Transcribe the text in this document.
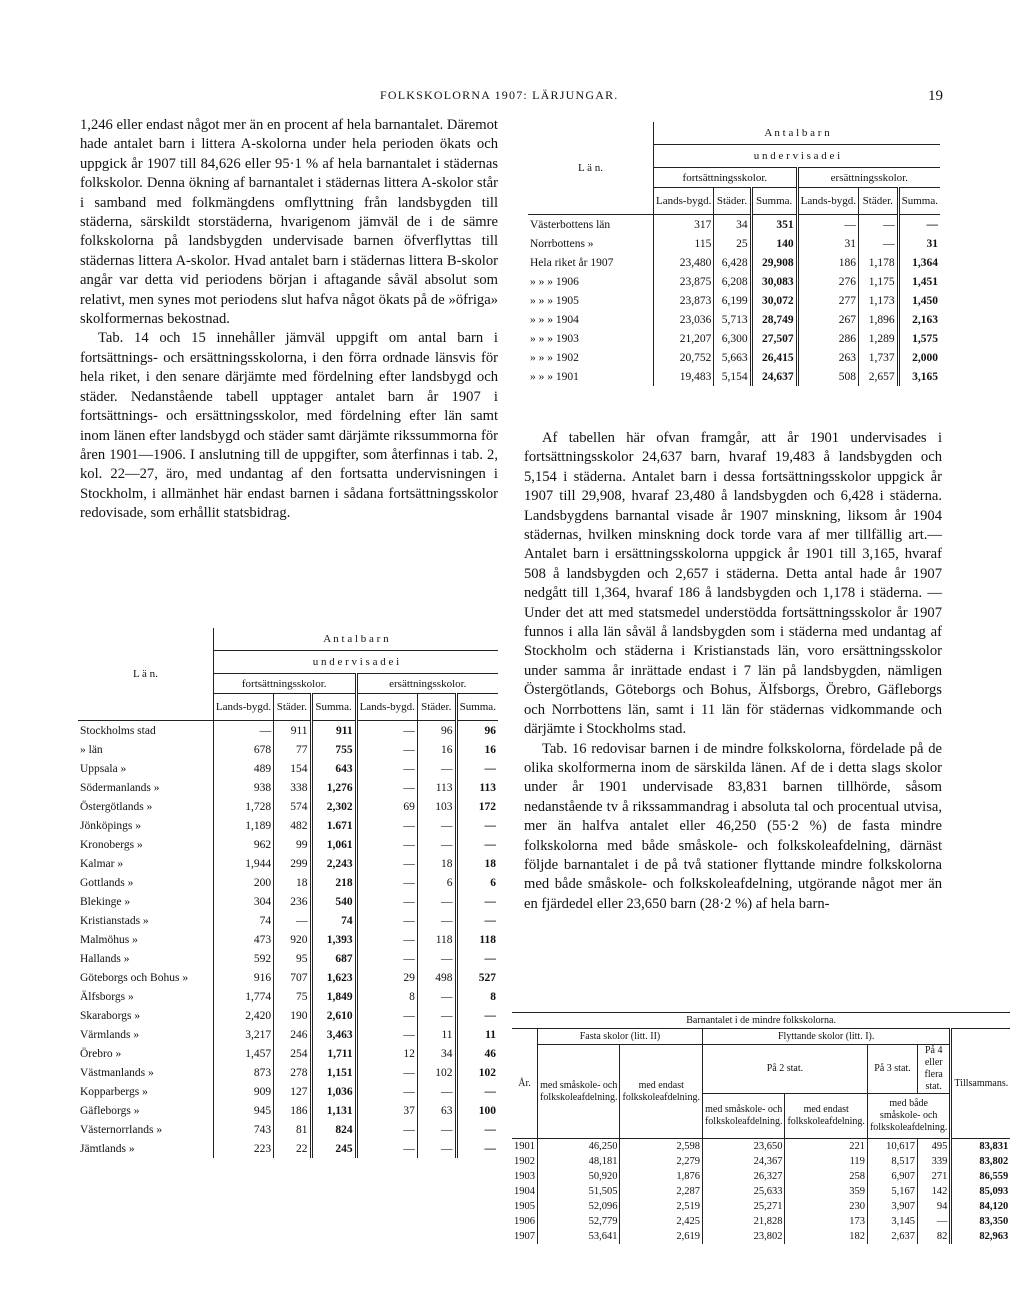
FOLKSKOLORNA 1907: LÄRJUNGAR.	19

1,246 eller endast något mer än en procent af hela barnantalet. Däremot hade antalet barn i littera A-skolorna under hela perioden ökats och uppgick år 1907 till 84,626 eller 95·1 % af hela barnantalet i städernas folkskolor. Denna ökning af barnantalet i städernas littera A-skolor står i samband med folkmängdens omflyttning från landsbygden till städerna, särskildt storstäderna, hvarigenom jämväl de i de sämre folkskolorna på landsbygden undervisade barnen öfverflyttas till städernas littera A-skolor. Hvad antalet barn i städernas littera B-skolor angår var detta vid periodens början i aftagande såväl absolut som relativt, men synes mot periodens slut hafva något ökats på de »öfriga» skolformernas bekostnad.

Tab. 14 och 15 innehåller jämväl uppgift om antal barn i fortsättnings- och ersättningsskolorna, i den förra ordnade länsvis för hela riket, i den senare därjämte med fördelning efter landsbygd och städer. Nedanstående tabell upptager antalet barn år 1907 i fortsättnings- och ersättningsskolor, med fördelning efter län samt inom länen efter landsbygd och städer samt därjämte rikssummorna för åren 1901—1906. I anslutning till de uppgifter, som återfinnas i tab. 2, kol. 22—27, äro, med undantag af den fortsatta undervisningen i Stockholm, i allmänhet här endast barnen i sådana fortsättningsskolor redovisade, som erhållit statsbidrag.

L ä n.	A n t a l b a r n					
	u n d e r v i s a d e i					
	fortsättningsskolor.			ersättningsskolor.		
	Lands-bygd.	Städer.	Summa.	Lands-bygd.	Städer.	Summa.
Stockholms stad	—	911	911	—	96	96
» län	678	77	755	—	16	16
Uppsala »	489	154	643	—	—	—
Södermanlands »	938	338	1,276	—	113	113
Östergötlands »	1,728	574	2,302	69	103	172
Jönköpings »	1,189	482	1.671	—	—	—
Kronobergs »	962	99	1,061	—	—	—
Kalmar »	1,944	299	2,243	—	18	18
Gottlands »	200	18	218	—	6	6
Blekinge »	304	236	540	—	—	—
Kristianstads »	74	—	74	—	—	—
Malmöhus »	473	920	1,393	—	118	118
Hallands »	592	95	687	—	—	—
Göteborgs och Bohus »	916	707	1,623	29	498	527
Älfsborgs »	1,774	75	1,849	8	—	8
Skaraborgs »	2,420	190	2,610	—	—	—
Värmlands »	3,217	246	3,463	—	11	11
Örebro »	1,457	254	1,711	12	34	46
Västmanlands »	873	278	1,151	—	102	102
Kopparbergs »	909	127	1,036	—	—	—
Gäfleborgs »	945	186	1,131	37	63	100
Västernorrlands »	743	81	824	—	—	—
Jämtlands »	223	22	245	—	—	—
L ä n.	A n t a l b a r n					
	u n d e r v i s a d e i					
	fortsättningsskolor.			ersättningsskolor.		
	Lands-bygd.	Städer.	Summa.	Lands-bygd.	Städer.	Summa.
Västerbottens län	317	34	351	—	—	—
Norrbottens »	115	25	140	31	—	31
Hela riket år 1907	23,480	6,428	29,908	186	1,178	1,364
» » » 1906	23,875	6,208	30,083	276	1,175	1,451
» » » 1905	23,873	6,199	30,072	277	1,173	1,450
» » » 1904	23,036	5,713	28,749	267	1,896	2,163
» » » 1903	21,207	6,300	27,507	286	1,289	1,575
» » » 1902	20,752	5,663	26,415	263	1,737	2,000
» » » 1901	19,483	5,154	24,637	508	2,657	3,165

Af tabellen här ofvan framgår, att år 1901 undervisades i fortsättningsskolor 24,637 barn, hvaraf 19,483 å landsbygden och 5,154 i städerna. Antalet barn i dessa fortsättningsskolor uppgick år 1907 till 29,908, hvaraf 23,480 å landsbygden och 6,428 i städerna. Landsbygdens barnantal visade år 1907 minskning, liksom år 1904 städernas, hvilken minskning dock torde vara af mer tillfällig art.— Antalet barn i ersättningsskolorna uppgick år 1901 till 3,165, hvaraf 508 å landsbygden och 2,657 i städerna. Detta antal hade år 1907 nedgått till 1,364, hvaraf 186 å landsbygden och 1,178 i städerna. — Under det att med statsmedel understödda fortsättningsskolor år 1907 funnos i alla län såväl å landsbygden som i städerna med undantag af Stockholm och städerna i Kristianstads län, voro ersättningsskolor under samma år inrättade endast i 7 län på landsbygden, nämligen Östergötlands, Göteborgs och Bohus, Älfsborgs, Örebro, Gäfleborgs och Norrbottens län, samt i 11 län för städernas vidkommande och därjämte i Stockholms stad.

Tab. 16 redovisar barnen i de mindre folkskolorna, fördelade på de olika skolformerna inom de särskilda länen. Af de i detta slags skolor under år 1901 undervisade 83,831 barnen tillhörde, såsom nedanstående tv å rikssammandrag i absoluta tal och procentual utvisa, mer än halfva antalet eller 46,250 (55·2 %) de fasta mindre folkskolorna med både småskole- och folkskoleafdelning, därnäst följde barnantalet i de på två stationer flyttande mindre folkskolorna med både småskole- och folkskoleafdelning, utgörande något mer än en fjärdedel eller 23,650 barn (28·2 %) af hela barn-

Barnantalet i de mindre folkskolorna.							
År.	Fasta skolor (litt. II)		Flyttande skolor (litt. I).				Tillsammans.
	med småskole- och folkskoleafdelning.	med endast folkskoleafdelning.	På 2 stat.		På 3 stat.	På 4 eller flera stat.	
			med småskole- och folkskoleafdelning.	med endast folkskoleafdelning.	med både småskole- och folkskoleafdelning.		
1901	46,250	2,598	23,650	221	10,617	495	83,831
1902	48,181	2,279	24,367	119	8,517	339	83,802
1903	50,920	1,876	26,327	258	6,907	271	86,559
1904	51,505	2,287	25,633	359	5,167	142	85,093
1905	52,096	2,519	25,271	230	3,907	94	84,120
1906	52,779	2,425	21,828	173	3,145	—	83,350
1907	53,641	2,619	23,802	182	2,637	82	82,963
